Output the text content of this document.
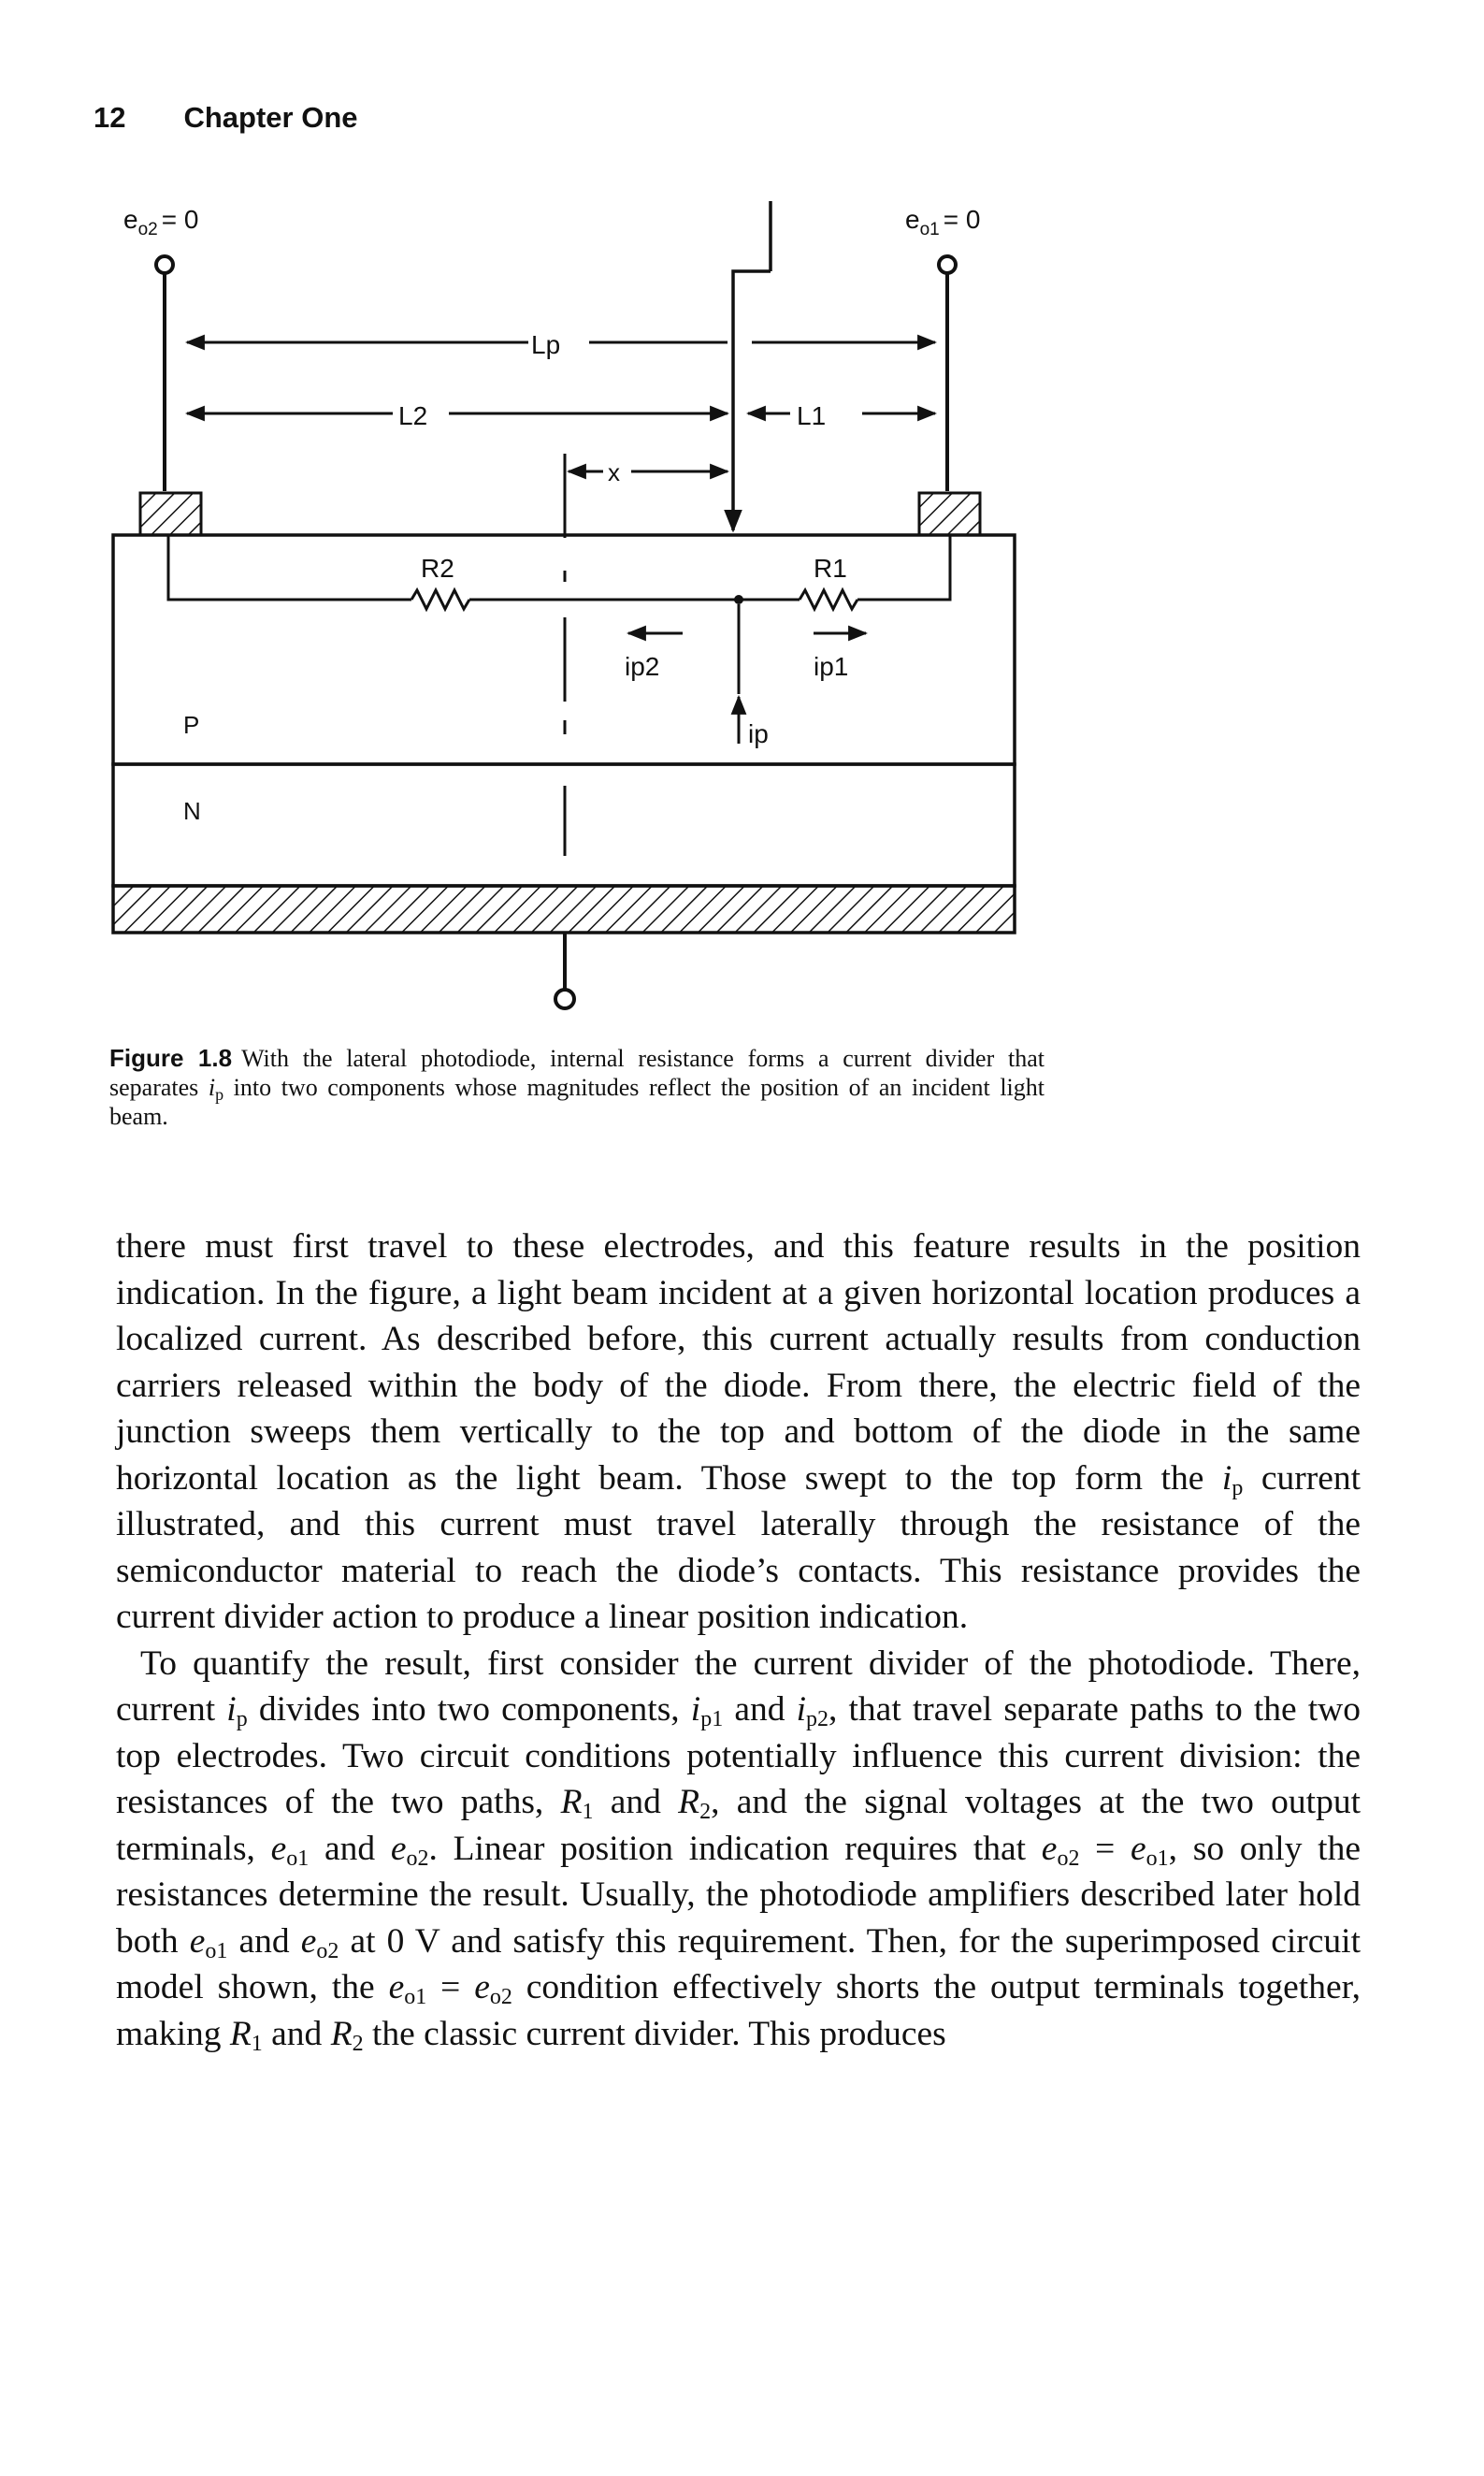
12 Chapter One
$e_{o2} = 0$	$e_{o1} = 0$
Lp
L2	L1
x
R2	R1
ip2	ip1
ip
P
N
Figure 1.8 With the lateral photodiode, internal resistance forms a current divider that separates $i_p$ into two components whose magnitudes reflect the position of an incident light beam.

there must first travel to these electrodes, and this feature results in the position indication. In the figure, a light beam incident at a given horizontal location produces a localized current. As described before, this current actually results from conduction carriers released within the body of the diode. From there, the electric field of the junction sweeps them vertically to the top and bottom of the diode in the same horizontal location as the light beam. Those swept to the top form the $i_p$ current illustrated, and this current must travel laterally through the resistance of the semiconductor material to reach the diode’s contacts. This resistance provides the current divider action to produce a linear position indication.

To quantify the result, first consider the current divider of the photodiode. There, current $i_p$ divides into two components, $i_{p1}$ and $i_{p2}$, that travel separate paths to the two top electrodes. Two circuit conditions potentially influence this current division: the resistances of the two paths, $R_1$ and $R_2$, and the signal voltages at the two output terminals, $e_{o1}$ and $e_{o2}$. Linear position indication requires that $e_{o2} = e_{o1}$, so only the resistances determine the result. Usually, the photodiode amplifiers described later hold both $e_{o1}$ and $e_{o2}$ at 0 V and satisfy this requirement. Then, for the superimposed circuit model shown, the $e_{o1} = e_{o2}$ condition effectively shorts the output terminals together, making $R_1$ and $R_2$ the classic current divider. This produces
